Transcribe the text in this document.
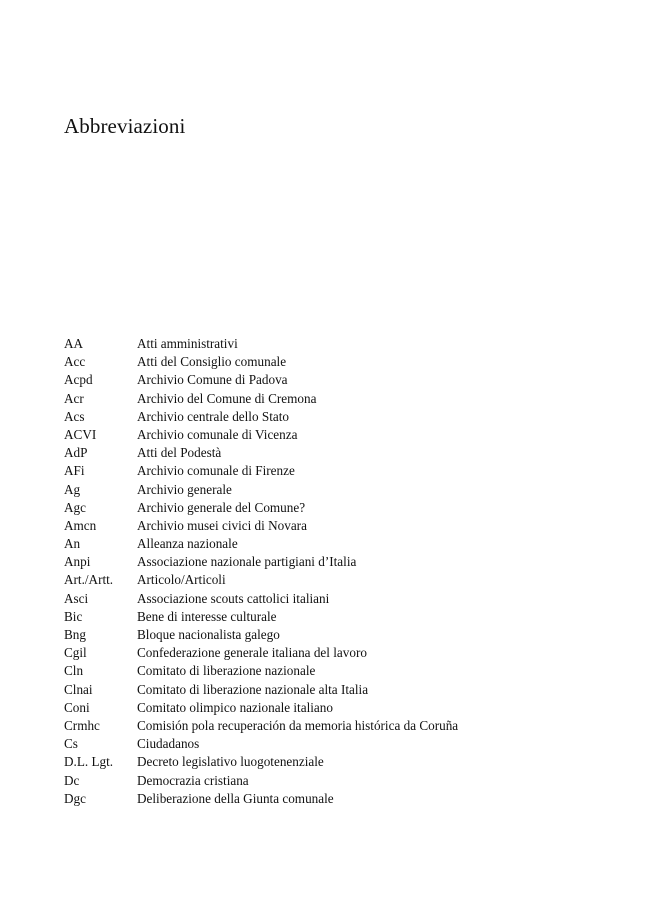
Abbreviazioni
AA	Atti amministrativi
Acc	Atti del Consiglio comunale
Acpd	Archivio Comune di Padova
Acr	Archivio del Comune di Cremona
Acs	Archivio centrale dello Stato
ACVI	Archivio comunale di Vicenza
AdP	Atti del Podestà
AFi	Archivio comunale di Firenze
Ag	Archivio generale
Agc	Archivio generale del Comune?
Amcn	Archivio musei civici di Novara
An	Alleanza nazionale
Anpi	Associazione nazionale partigiani d’Italia
Art./Artt.	Articolo/Articoli
Asci	Associazione scouts cattolici italiani
Bic	Bene di interesse culturale
Bng	Bloque nacionalista galego
Cgil	Confederazione generale italiana del lavoro
Cln	Comitato di liberazione nazionale
Clnai	Comitato di liberazione nazionale alta Italia
Coni	Comitato olimpico nazionale italiano
Crmhc	Comisión pola recuperación da memoria histórica da Coruña
Cs	Ciudadanos
D.L. Lgt.	Decreto legislativo luogotenenziale
Dc	Democrazia cristiana
Dgc	Deliberazione della Giunta comunale
